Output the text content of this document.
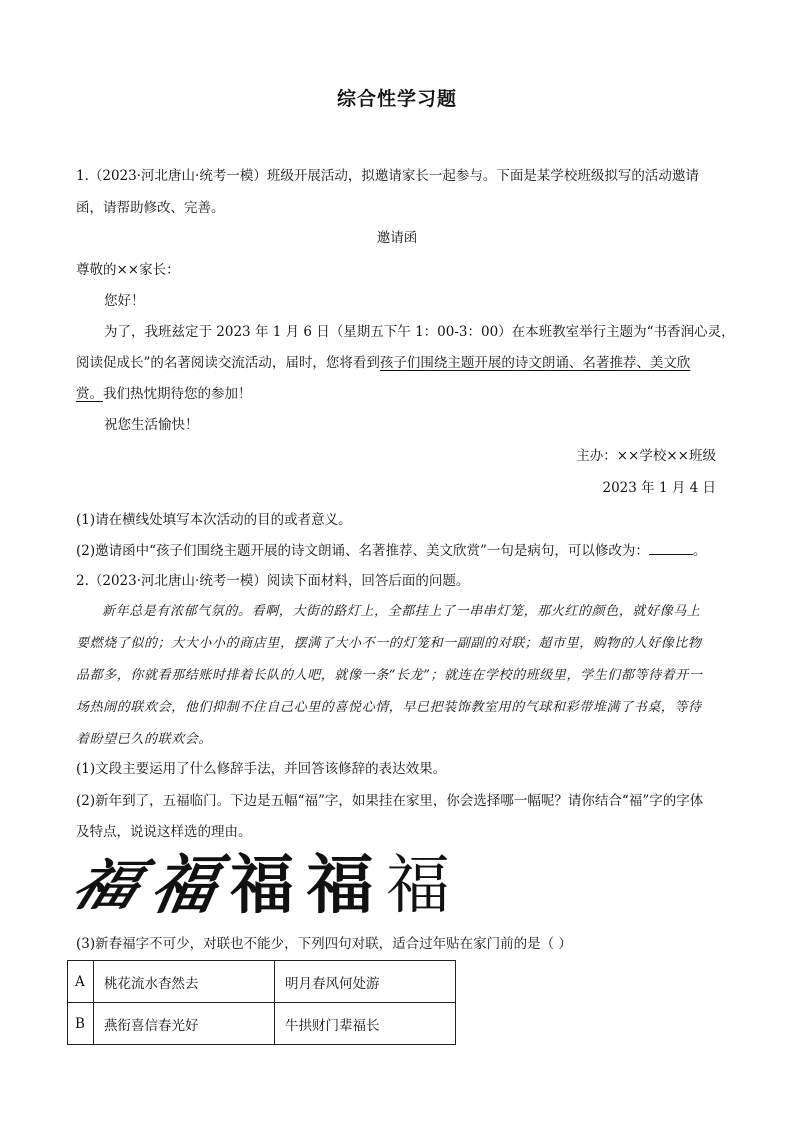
综合性学习题
1.（2023·河北唐山·统考一模）班级开展活动，拟邀请家长一起参与。下面是某学校班级拟写的活动邀请
函，请帮助修改、完善。
邀请函
尊敬的××家长：
您好！
为了，我班兹定于 2023 年 1 月 6 日（星期五下午 1：00-3：00）在本班教室举行主题为“书香润心灵，
阅读促成长”的名著阅读交流活动，届时，您将看到孩子们围绕主题开展的诗文朗诵、名著推荐、美文欣
赏。我们热忱期待您的参加！
祝您生活愉快！
主办：××学校××班级
2023 年 1 月 4 日
(1)请在横线处填写本次活动的目的或者意义。
(2)邀请函中“孩子们围绕主题开展的诗文朗诵、名著推荐、美文欣赏”一句是病句，可以修改为：	。
2.（2023·河北唐山·统考一模）阅读下面材料，回答后面的问题。
新年总是有浓郁气氛的。看啊，大街的路灯上，全都挂上了一串串灯笼，那火红的颜色，就好像马上
要燃烧了似的；大大小小的商店里，摆满了大小不一的灯笼和一副副的对联；超市里，购物的人好像比物
品都多，你就看那结账时排着长队的人吧，就像一条“长龙”；就连在学校的班级里，学生们都等待着开一
场热闹的联欢会，他们抑制不住自己心里的喜悦心情，早已把装饰教室用的气球和彩带堆满了书桌，等待
着盼望已久的联欢会。
(1)文段主要运用了什么修辞手法，并回答该修辞的表达效果。
(2)新年到了，五福临门。下边是五幅“福”字，如果挂在家里，你会选择哪一幅呢？请你结合“福”字的字体
及特点，说说这样选的理由。
福
福 福 福 福
(3)新春福字不可少，对联也不能少，下列四句对联，适合过年贴在家门前的是（ ）
A	桃花流水杳然去	明月春风何处游
B	燕衔喜信春光好	牛拱财门辈福长
